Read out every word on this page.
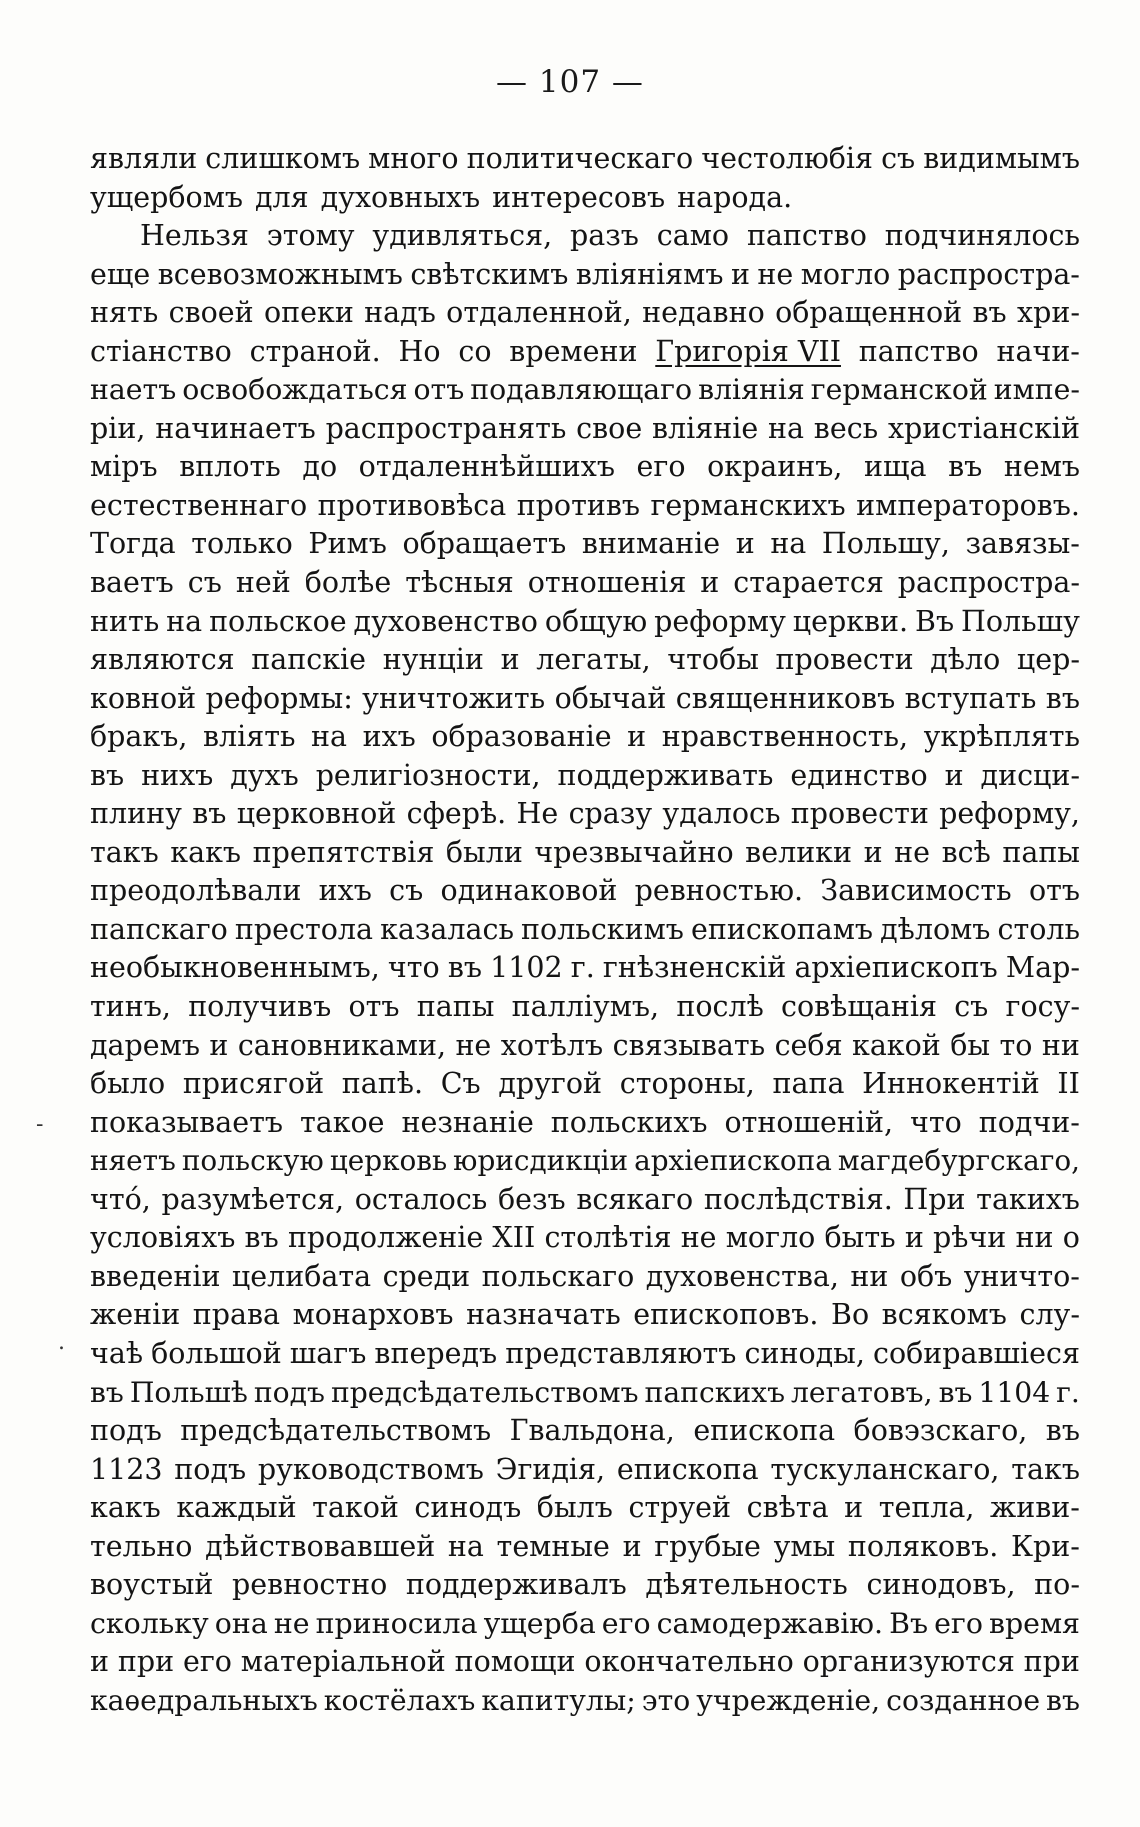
— 107 —
являли слишкомъ много политическаго честолюбія съ видимымъ
ущербомъ для духовныхъ интересовъ народа.
Нельзя этому удивляться, разъ само папство подчинялось
еще всевозможнымъ свѣтскимъ вліяніямъ и не могло распростра-
нять своей опеки надъ отдаленной, недавно обращенной въ хри-
стіанство страной. Но со времени Григорія VII папство начи-
наетъ освобождаться отъ подавляющаго вліянія германской импе-
ріи, начинаетъ распространять свое вліяніе на весь христіанскій
міръ вплоть до отдаленнѣйшихъ его окраинъ, ища въ немъ
естественнаго противовѣса противъ германскихъ императоровъ.
Тогда только Римъ обращаетъ вниманіе и на Польшу, завязы-
ваетъ съ ней болѣе тѣсныя отношенія и старается распростра-
нить на польское духовенство общую реформу церкви. Въ Польшу
являются папскіе нунціи и легаты, чтобы провести дѣло цер-
ковной реформы: уничтожить обычай священниковъ вступать въ
бракъ, вліять на ихъ образованіе и нравственность, укрѣплять
въ нихъ духъ религіозности, поддерживать единство и дисци-
плину въ церковной сферѣ. Не сразу удалось провести реформу,
такъ какъ препятствія были чрезвычайно велики и не всѣ папы
преодолѣвали ихъ съ одинаковой ревностью. Зависимость отъ
папскаго престола казалась польскимъ епископамъ дѣломъ столь
необыкновеннымъ, что въ 1102 г. гнѣзненскій архіепископъ Мар-
тинъ, получивъ отъ папы палліумъ, послѣ совѣщанія съ госу-
даремъ и сановниками, не хотѣлъ связывать себя какой бы то ни
было присягой папѣ. Съ другой стороны, папа Иннокентій II
показываетъ такое незнаніе польскихъ отношеній, что подчи-
няетъ польскую церковь юрисдикціи архіепископа магдебургскаго,
что́, разумѣется, осталось безъ всякаго послѣдствія. При такихъ
условіяхъ въ продолженіе XII столѣтія не могло быть и рѣчи ни о
введеніи целибата среди польскаго духовенства, ни объ уничто-
женіи права монарховъ назначать епископовъ. Во всякомъ слу-
чаѣ большой шагъ впередъ представляютъ синоды, собиравшіеся
въ Польшѣ подъ предсѣдательствомъ папскихъ легатовъ, въ 1104 г.
подъ предсѣдательствомъ Гвальдона, епископа бовэзскаго, въ
1123 подъ руководствомъ Эгидія, епископа тускуланскаго, такъ
какъ каждый такой синодъ былъ струей свѣта и тепла, живи-
тельно дѣйствовавшей на темные и грубые умы поляковъ. Кри-
воустый ревностно поддерживалъ дѣятельность синодовъ, по-
скольку она не приносила ущерба его самодержавію. Въ его время
и при его матеріальной помощи окончательно организуются при
каѳедральныхъ костёлахъ капитулы; это учрежденіе, созданное въ
-
.
